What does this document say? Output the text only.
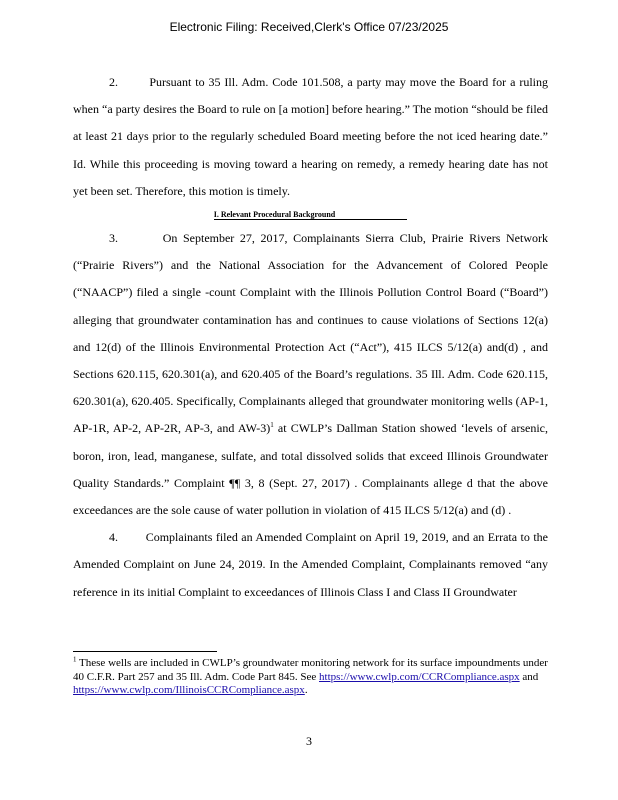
Electronic Filing: Received,Clerk's Office 07/23/2025

2.        Pursuant to 35 Ill. Adm. Code 101.508, a party may move the Board for a ruling when “a party desires the Board to rule on [a motion] before hearing.” The motion “should be filed at least 21 days prior to the regularly scheduled Board meeting before the not iced hearing date.” Id. While this proceeding is moving toward a hearing on remedy, a remedy hearing date has not yet been set. Therefore, this motion is timely.

I. Relevant Procedural Background

3.        On September 27, 2017, Complainants Sierra Club, Prairie Rivers Network (“Prairie Rivers”) and the National Association for the Advancement of Colored People (“NAACP”) filed a single -count Complaint with the Illinois Pollution Control Board (“Board”) alleging that groundwater contamination has and continues to cause violations of Sections 12(a) and 12(d) of the Illinois Environmental Protection Act (“Act”), 415 ILCS 5/12(a) and(d) , and Sections 620.115, 620.301(a), and 620.405 of the Board’s regulations. 35 Ill. Adm. Code 620.115, 620.301(a), 620.405. Specifically, Complainants alleged that groundwater monitoring wells (AP-1, AP-1R, AP-2, AP-2R, AP-3, and AW-3)$^1$ at CWLP’s Dallman Station showed ‘levels of arsenic, boron, iron, lead, manganese, sulfate, and total dissolved solids that exceed Illinois Groundwater Quality Standards.” Complaint ¶¶ 3, 8 (Sept. 27, 2017) . Complainants allege d that the above exceedances are the sole cause of water pollution in violation of 415 ILCS 5/12(a) and (d) .

4.        Complainants filed an Amended Complaint on April 19, 2019, and an Errata to the Amended Complaint on June 24, 2019. In the Amended Complaint, Complainants removed “any reference in its initial Complaint to exceedances of Illinois Class I and Class II Groundwater

$^1$ These wells are included in CWLP’s groundwater monitoring network for its surface impoundments under 40 C.F.R. Part 257 and 35 Ill. Adm. Code Part 845. See https://www.cwlp.com/CCRCompliance.aspx and https://www.cwlp.com/IllinoisCCRCompliance.aspx.
3
